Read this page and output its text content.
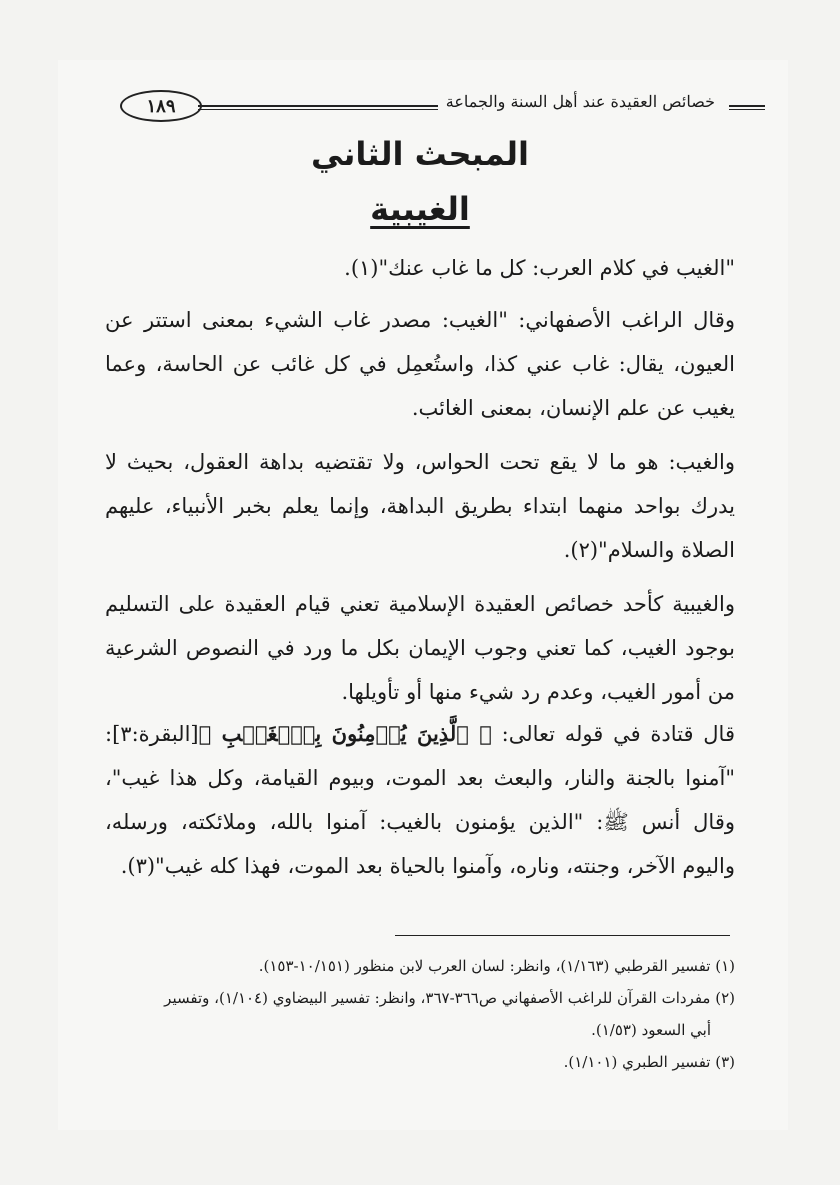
١٨٩	خصائص العقيدة عند أهل السنة والجماعة
المبحث الثاني
الغيبية
"الغيب في كلام العرب: كل ما غاب عنك"(١).
وقال الراغب الأصفهاني: "الغيب: مصدر غاب الشيء بمعنى استتر عن العيون، يقال: غاب عني كذا، واستُعمِل في كل غائب عن الحاسة، وعما يغيب عن علم الإنسان، بمعنى الغائب.
والغيب: هو ما لا يقع تحت الحواس، ولا تقتضيه بداهة العقول، بحيث لا يدرك بواحد منهما ابتداء بطريق البداهة، وإنما يعلم بخبر الأنبياء، عليهم الصلاة والسلام"(٢).
والغيبية كأحد خصائص العقيدة الإسلامية تعني قيام العقيدة على التسليم بوجود الغيب، كما تعني وجوب الإيمان بكل ما ورد في النصوص الشرعية من أمور الغيب، وعدم رد شيء منها أو تأويلها.
قال قتادة في قوله تعالى: ﴿ ٱلَّذِينَ يُؤۡمِنُونَ بِٱلۡغَيۡبِ ﴾[البقرة:٣]: "آمنوا بالجنة والنار، والبعث بعد الموت، وبيوم القيامة، وكل هذا غيب"، وقال أنس ﷺ: "الذين يؤمنون بالغيب: آمنوا بالله، وملائكته، ورسله، واليوم الآخر، وجنته، وناره، وآمنوا بالحياة بعد الموت، فهذا كله غيب"(٣).
(١) تفسير القرطبي (١/١٦٣)، وانظر: لسان العرب لابن منظور (١٠/١٥١-١٥٣).
(٢) مفردات القرآن للراغب الأصفهاني ص٣٦٦-٣٦٧، وانظر: تفسير البيضاوي (١/١٠٤)، وتفسير
أبي السعود (١/٥٣).
(٣) تفسير الطبري (١/١٠١).
